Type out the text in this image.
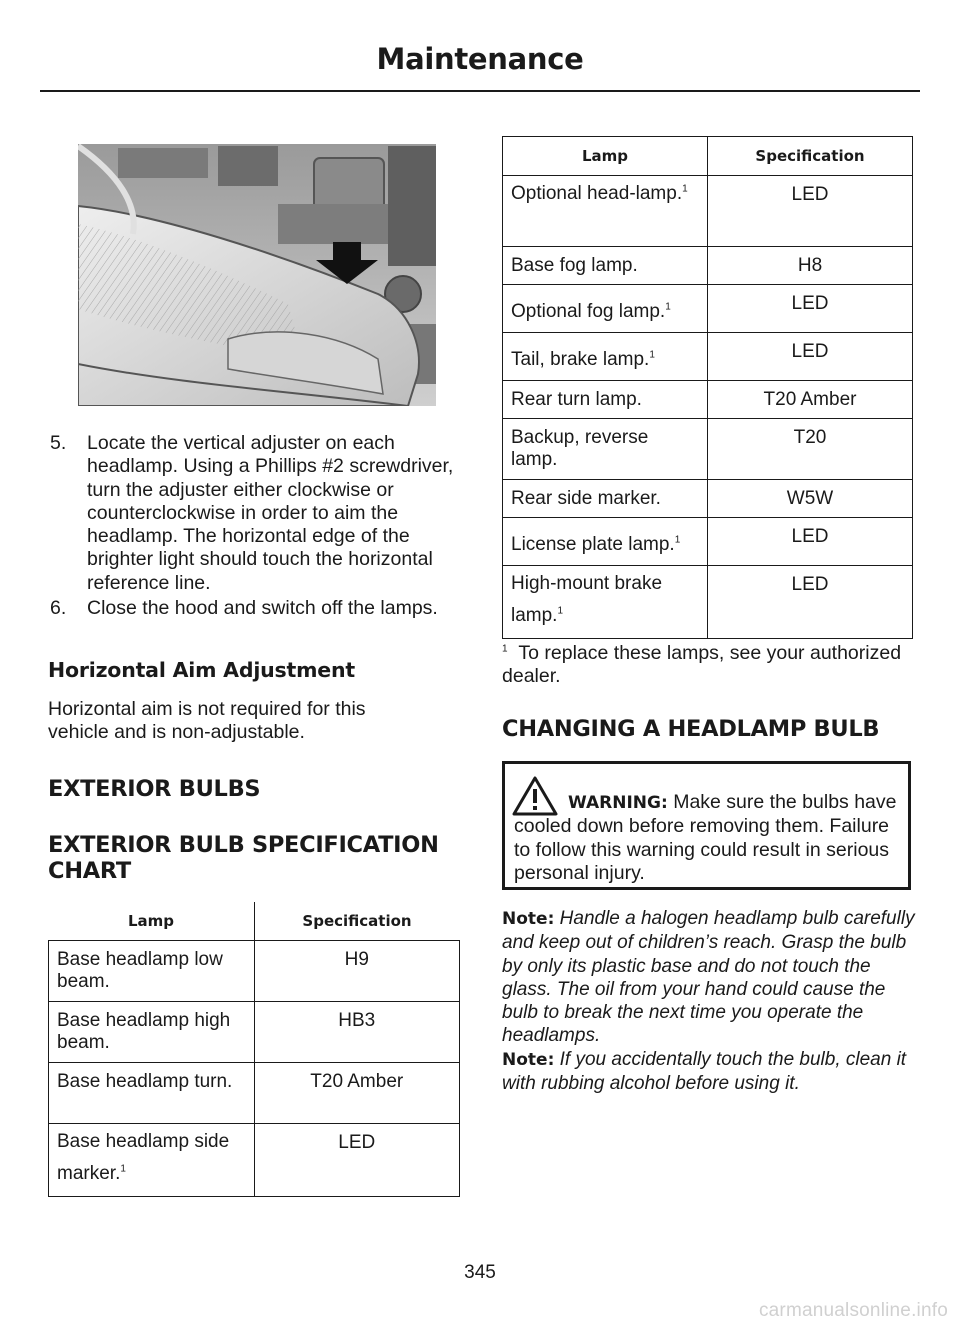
Maintenance
5. Locate the vertical adjuster on each headlamp. Using a Phillips #2 screwdriver, turn the adjuster either clockwise or counterclockwise in order to aim the headlamp. The horizontal edge of the brighter light should touch the horizontal reference line.
6. Close the hood and switch off the lamps.
Horizontal Aim Adjustment
Horizontal aim is not required for this vehicle and is non-adjustable.
EXTERIOR BULBS
EXTERIOR BULB SPECIFICATION CHART
Lamp	Specification
Base headlamp low beam.	H9
Base headlamp high beam.	HB3
Base headlamp turn.	T20 Amber
Base headlamp side marker.$^1$	LED
Lamp	Specification
Optional head-lamp.$^1$	LED
Base fog lamp.	H8
Optional fog lamp.$^1$	LED
Tail, brake lamp.$^1$	LED
Rear turn lamp.	T20 Amber
Backup, reverse lamp.	T20
Rear side marker.	W5W
License plate lamp.$^1$	LED
High-mount brake lamp.$^1$	LED
$^1$ To replace these lamps, see your authorized dealer.
CHANGING A HEADLAMP BULB
WARNING: Make sure the bulbs have cooled down before removing them. Failure to follow this warning could result in serious personal injury.
Note: Handle a halogen headlamp bulb carefully and keep out of children’s reach. Grasp the bulb by only its plastic base and do not touch the glass. The oil from your hand could cause the bulb to break the next time you operate the headlamps.
Note: If you accidentally touch the bulb, clean it with rubbing alcohol before using it.
345
carmanualsonline.info
